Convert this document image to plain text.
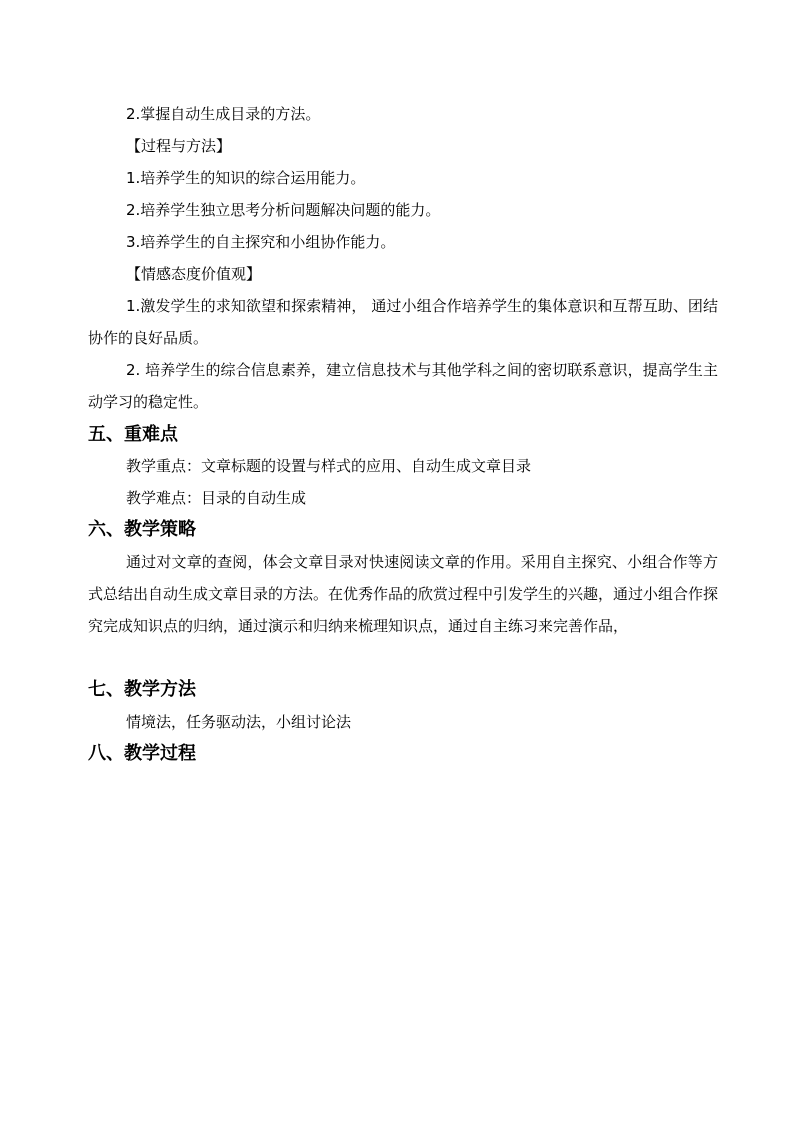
2.掌握自动生成目录的方法。
【过程与方法】
1.培养学生的知识的综合运用能力。
2.培养学生独立思考分析问题解决问题的能力。
3.培养学生的自主探究和小组协作能力。
【情感态度价值观】
1.激发学生的求知欲望和探索精神， 通过小组合作培养学生的集体意识和互帮互助、团结协作的良好品质。
2. 培养学生的综合信息素养，建立信息技术与其他学科之间的密切联系意识，提高学生主动学习的稳定性。
五、重难点
教学重点：文章标题的设置与样式的应用、自动生成文章目录
教学难点：目录的自动生成
六、教学策略
通过对文章的查阅，体会文章目录对快速阅读文章的作用。采用自主探究、小组合作等方式总结出自动生成文章目录的方法。在优秀作品的欣赏过程中引发学生的兴趣，通过小组合作探究完成知识点的归纳，通过演示和归纳来梳理知识点，通过自主练习来完善作品，
七、教学方法
情境法，任务驱动法，小组讨论法
八、教学过程
